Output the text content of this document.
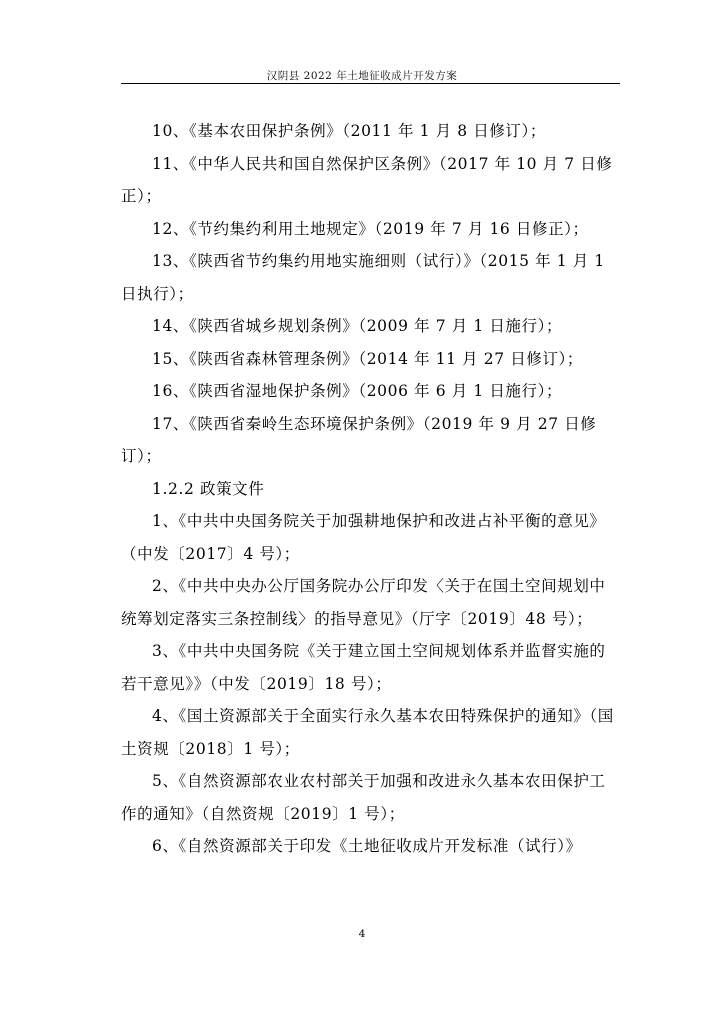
汉阴县 2022 年土地征收成片开发方案

10、《基本农田保护条例》（2011 年 1 月 8 日修订）；

11、《中华人民共和国自然保护区条例》（2017 年 10 月 7 日修正）；

12、《节约集约利用土地规定》（2019 年 7 月 16 日修正）；

13、《陕西省节约集约用地实施细则（试行）》（2015 年 1 月 1 日执行）；

14、《陕西省城乡规划条例》（2009 年 7 月 1 日施行）；

15、《陕西省森林管理条例》（2014 年 11 月 27 日修订）；

16、《陕西省湿地保护条例》（2006 年 6 月 1 日施行）；

17、《陕西省秦岭生态环境保护条例》（2019 年 9 月 27 日修订）；

1.2.2 政策文件

1、《中共中央国务院关于加强耕地保护和改进占补平衡的意见》（中发〔2017〕4 号）；

2、《中共中央办公厅国务院办公厅印发〈关于在国土空间规划中统筹划定落实三条控制线〉的指导意见》（厅字〔2019〕48 号）；

3、《中共中央国务院《关于建立国土空间规划体系并监督实施的若干意见》》（中发〔2019〕18 号）；

4、《国土资源部关于全面实行永久基本农田特殊保护的通知》（国土资规〔2018〕1 号）；

5、《自然资源部农业农村部关于加强和改进永久基本农田保护工作的通知》（自然资规〔2019〕1 号）；

6、《自然资源部关于印发《土地征收成片开发标准（试行）》

4
